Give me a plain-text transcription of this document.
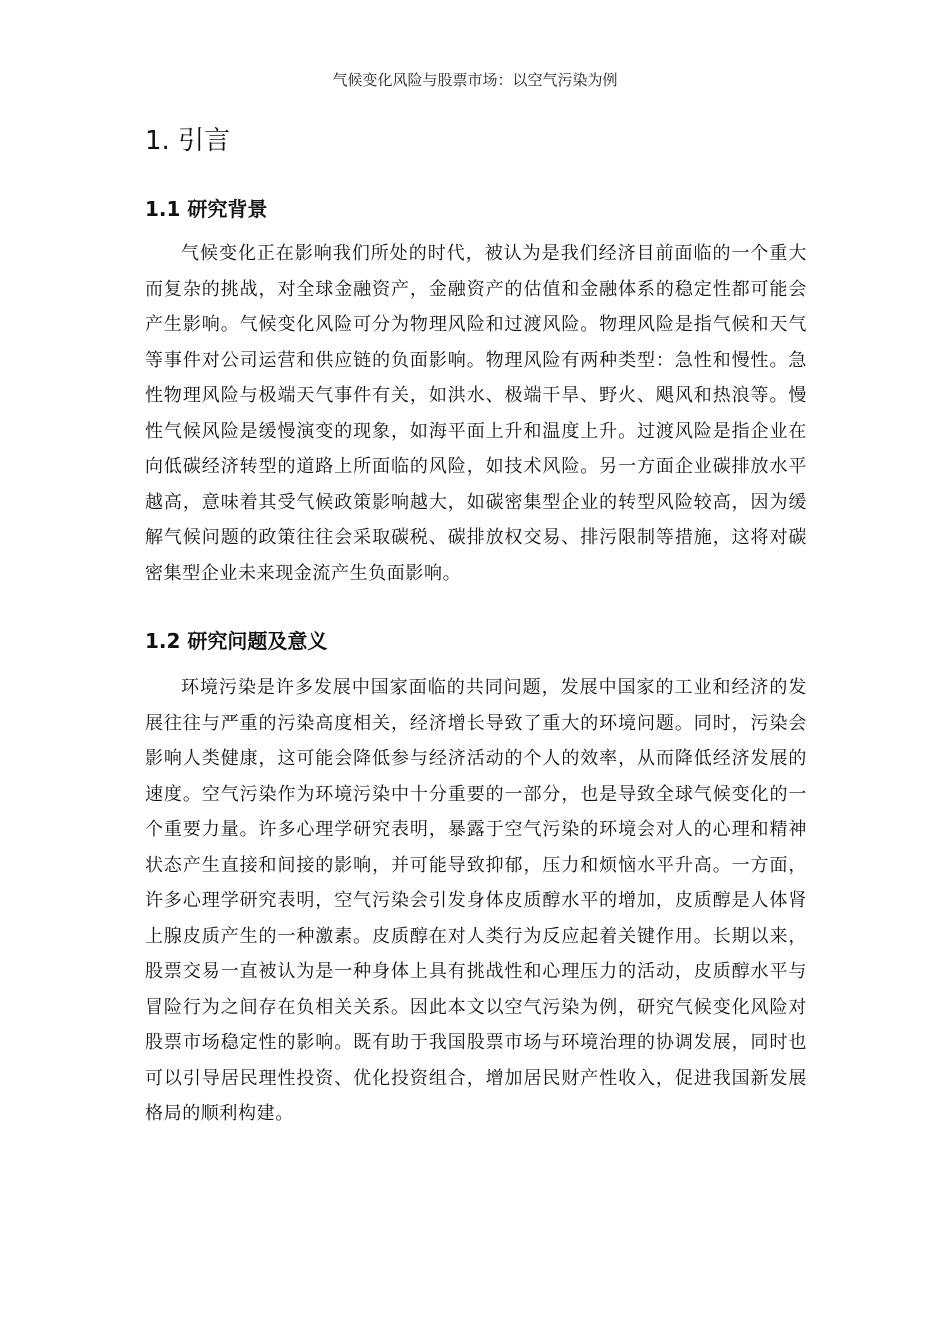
气候变化风险与股票市场：以空气污染为例
1. 引言
1.1 研究背景

气候变化正在影响我们所处的时代，被认为是我们经济目前面临的一个重大而复杂的挑战，对全球金融资产，金融资产的估值和金融体系的稳定性都可能会产生影响。气候变化风险可分为物理风险和过渡风险。物理风险是指气候和天气等事件对公司运营和供应链的负面影响。物理风险有两种类型：急性和慢性。急性物理风险与极端天气事件有关，如洪水、极端干旱、野火、飓风和热浪等。慢性气候风险是缓慢演变的现象，如海平面上升和温度上升。过渡风险是指企业在向低碳经济转型的道路上所面临的风险，如技术风险。另一方面企业碳排放水平越高，意味着其受气候政策影响越大，如碳密集型企业的转型风险较高，因为缓解气候问题的政策往往会采取碳税、碳排放权交易、排污限制等措施，这将对碳密集型企业未来现金流产生负面影响。

1.2 研究问题及意义

环境污染是许多发展中国家面临的共同问题，发展中国家的工业和经济的发展往往与严重的污染高度相关，经济增长导致了重大的环境问题。同时，污染会影响人类健康，这可能会降低参与经济活动的个人的效率，从而降低经济发展的速度。空气污染作为环境污染中十分重要的一部分，也是导致全球气候变化的一个重要力量。许多心理学研究表明，暴露于空气污染的环境会对人的心理和精神状态产生直接和间接的影响，并可能导致抑郁，压力和烦恼水平升高。一方面，许多心理学研究表明，空气污染会引发身体皮质醇水平的增加，皮质醇是人体肾上腺皮质产生的一种激素。皮质醇在对人类行为反应起着关键作用。长期以来，股票交易一直被认为是一种身体上具有挑战性和心理压力的活动，皮质醇水平与冒险行为之间存在负相关关系。因此本文以空气污染为例，研究气候变化风险对股票市场稳定性的影响。既有助于我国股票市场与环境治理的协调发展，同时也可以引导居民理性投资、优化投资组合，增加居民财产性收入，促进我国新发展格局的顺利构建。
